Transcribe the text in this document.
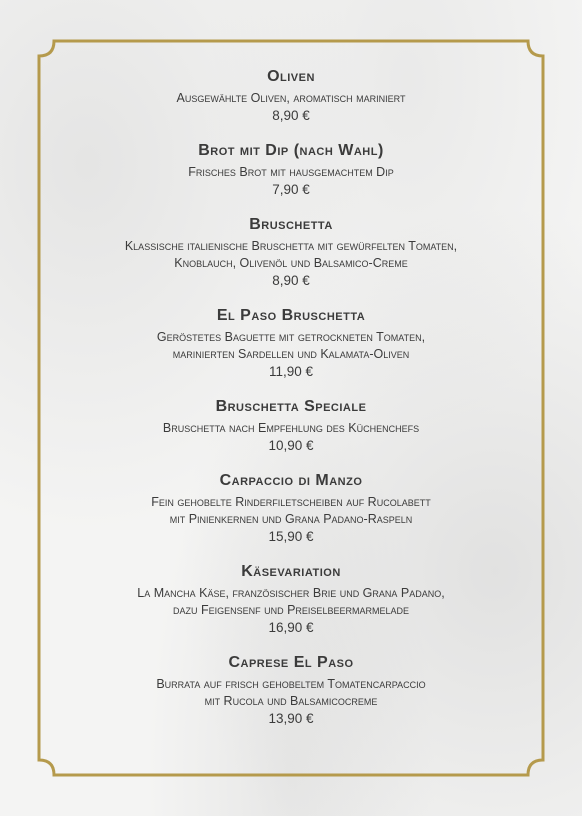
Oliven
Ausgewählte Oliven, aromatisch mariniert
8,90 €
Brot mit Dip (nach Wahl)
Frisches Brot mit hausgemachtem Dip
7,90 €
Bruschetta
Klassische italienische Bruschetta mit gewürfelten Tomaten,
Knoblauch, Olivenöl und Balsamico-Creme
8,90 €
El Paso Bruschetta
Geröstetes Baguette mit getrockneten Tomaten,
marinierten Sardellen und Kalamata-Oliven
11,90 €
Bruschetta Speciale
Bruschetta nach Empfehlung des Küchenchefs
10,90 €
Carpaccio di Manzo
Fein gehobelte Rinderfiletscheiben auf Rucolabett
mit Pinienkernen und Grana Padano-Raspeln
15,90 €
Käsevariation
La Mancha Käse, französischer Brie und Grana Padano,
dazu Feigensenf und Preiselbeermarmelade
16,90 €
Caprese El Paso
Burrata auf frisch gehobeltem Tomatencarpaccio
mit Rucola und Balsamicocreme
13,90 €
